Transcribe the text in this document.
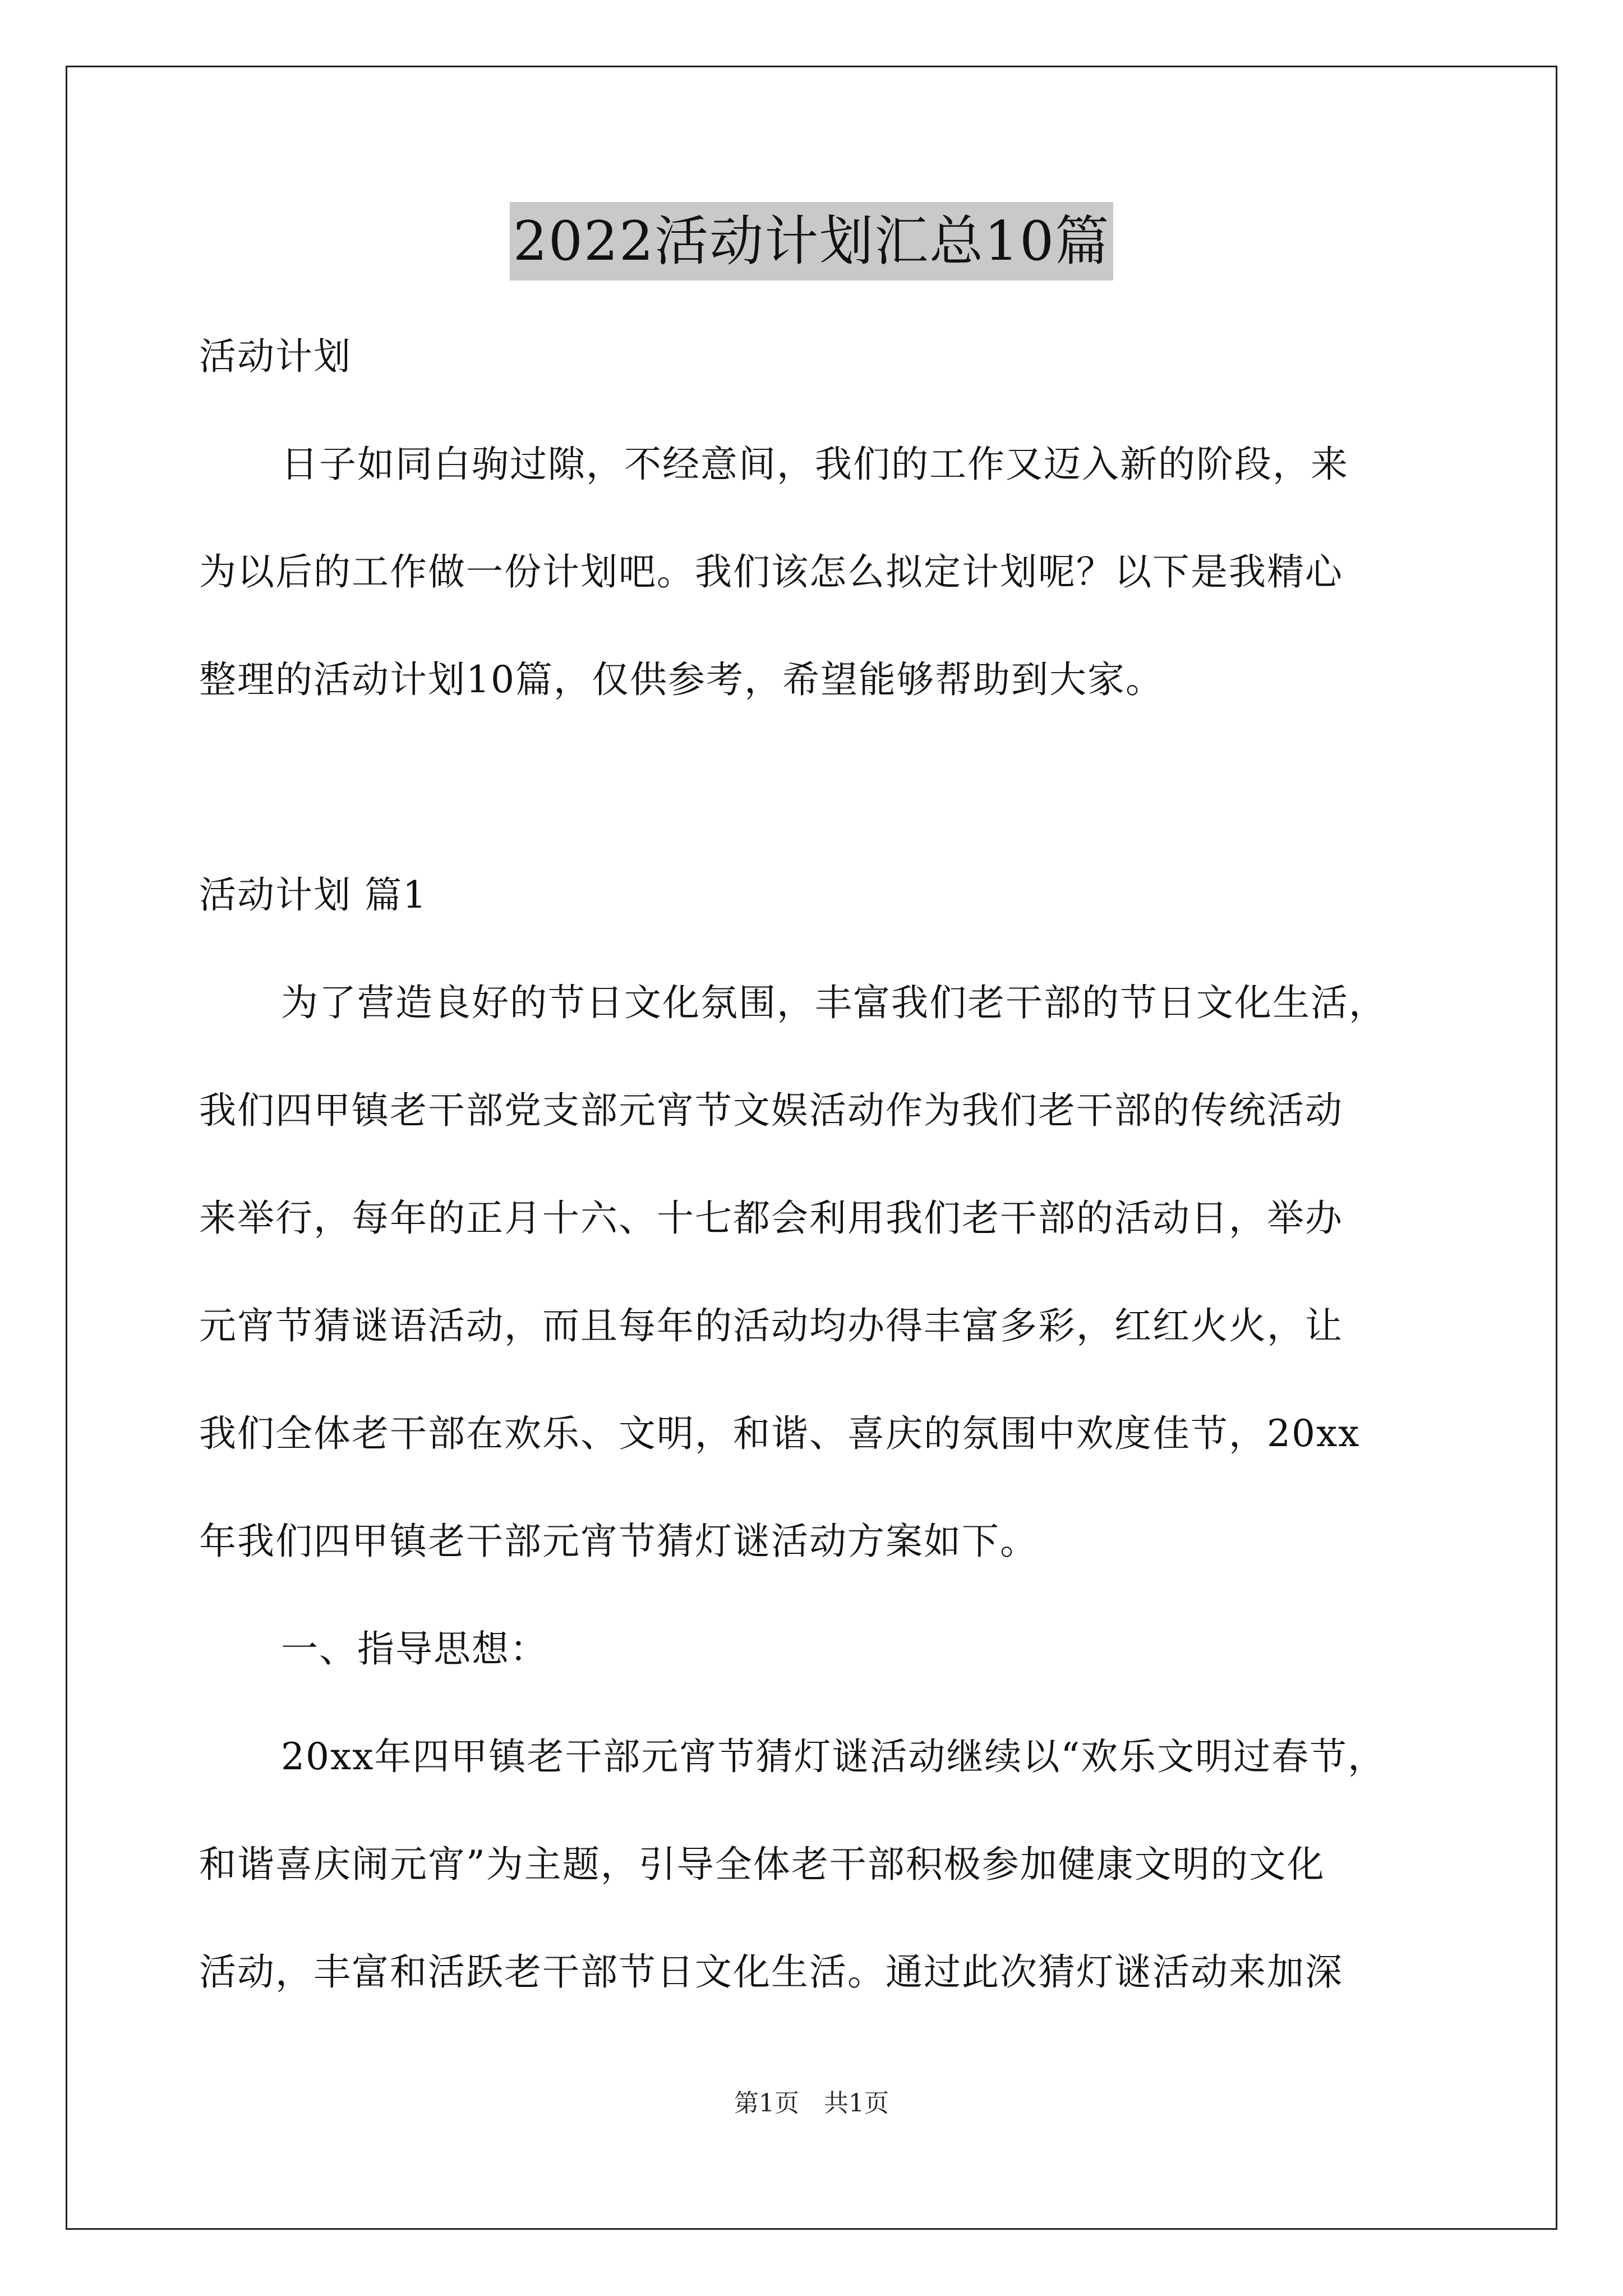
2022活动计划汇总10篇
活动计划
日子如同白驹过隙，不经意间，我们的工作又迈入新的阶段，来
为以后的工作做一份计划吧。我们该怎么拟定计划呢？以下是我精心
整理的活动计划10篇，仅供参考，希望能够帮助到大家。
活动计划 篇1
为了营造良好的节日文化氛围，丰富我们老干部的节日文化生活，
我们四甲镇老干部党支部元宵节文娱活动作为我们老干部的传统活动
来举行，每年的正月十六、十七都会利用我们老干部的活动日，举办
元宵节猜谜语活动，而且每年的活动均办得丰富多彩，红红火火，让
我们全体老干部在欢乐、文明，和谐、喜庆的氛围中欢度佳节，20xx
年我们四甲镇老干部元宵节猜灯谜活动方案如下。
一、指导思想：
20xx年四甲镇老干部元宵节猜灯谜活动继续以“欢乐文明过春节，
和谐喜庆闹元宵”为主题，引导全体老干部积极参加健康文明的文化
活动，丰富和活跃老干部节日文化生活。通过此次猜灯谜活动来加深
第1页　共1页
